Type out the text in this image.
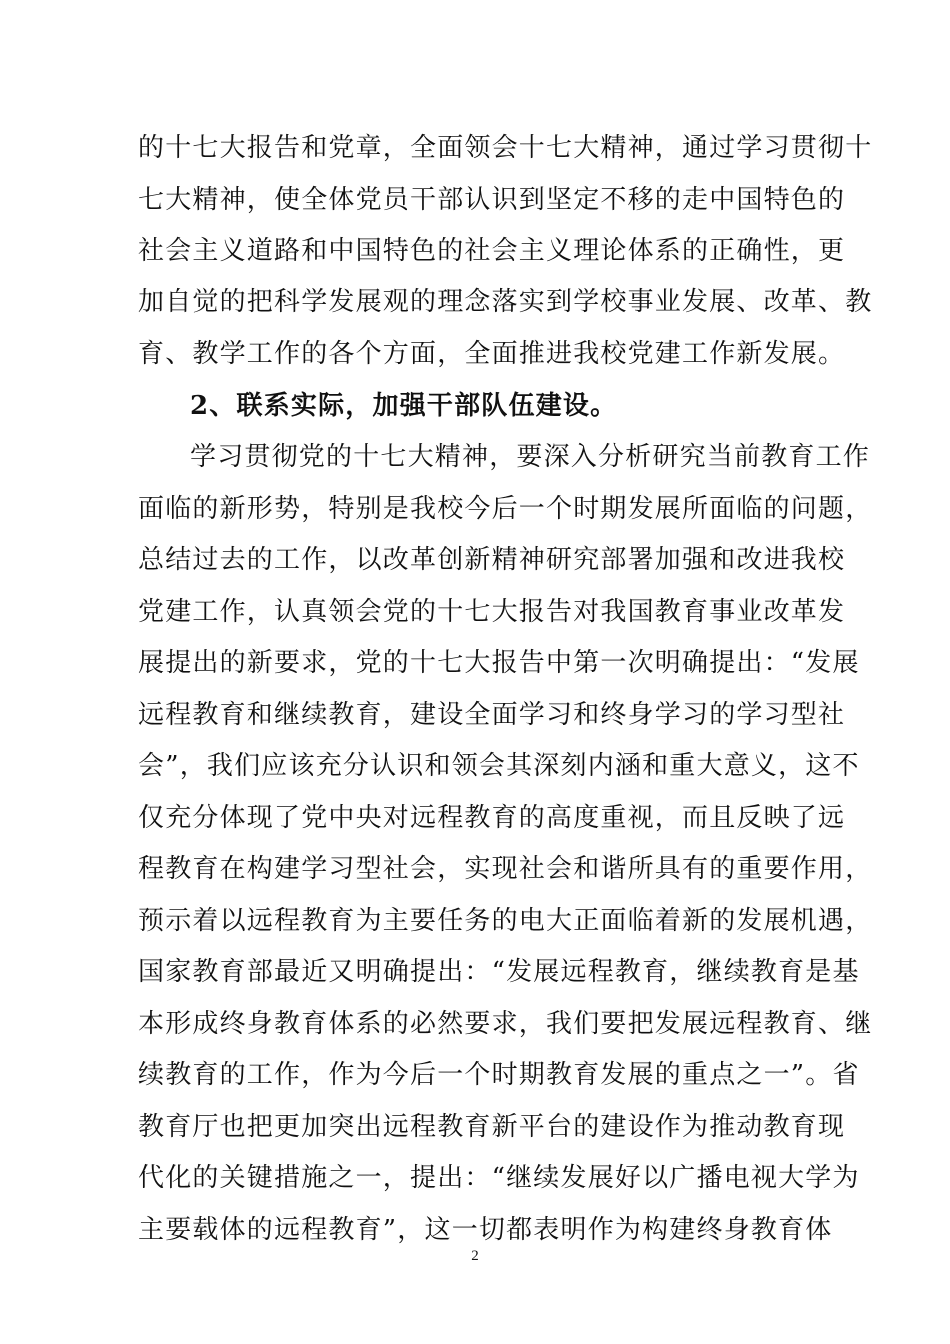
的十七大报告和党章，全面领会十七大精神，通过学习贯彻十
七大精神，使全体党员干部认识到坚定不移的走中国特色的
社会主义道路和中国特色的社会主义理论体系的正确性，更
加自觉的把科学发展观的理念落实到学校事业发展、改革、教
育、教学工作的各个方面，全面推进我校党建工作新发展。
2、联系实际，加强干部队伍建设。
学习贯彻党的十七大精神，要深入分析研究当前教育工作
面临的新形势，特别是我校今后一个时期发展所面临的问题，
总结过去的工作，以改革创新精神研究部署加强和改进我校
党建工作，认真领会党的十七大报告对我国教育事业改革发
展提出的新要求，党的十七大报告中第一次明确提出：“发展
远程教育和继续教育，建设全面学习和终身学习的学习型社
会”，我们应该充分认识和领会其深刻内涵和重大意义，这不
仅充分体现了党中央对远程教育的高度重视，而且反映了远
程教育在构建学习型社会，实现社会和谐所具有的重要作用，
预示着以远程教育为主要任务的电大正面临着新的发展机遇，
国家教育部最近又明确提出：“发展远程教育，继续教育是基
本形成终身教育体系的必然要求，我们要把发展远程教育、继
续教育的工作，作为今后一个时期教育发展的重点之一”。省
教育厅也把更加突出远程教育新平台的建设作为推动教育现
代化的关键措施之一，提出：“继续发展好以广播电视大学为
主要载体的远程教育”，这一切都表明作为构建终身教育体
2
